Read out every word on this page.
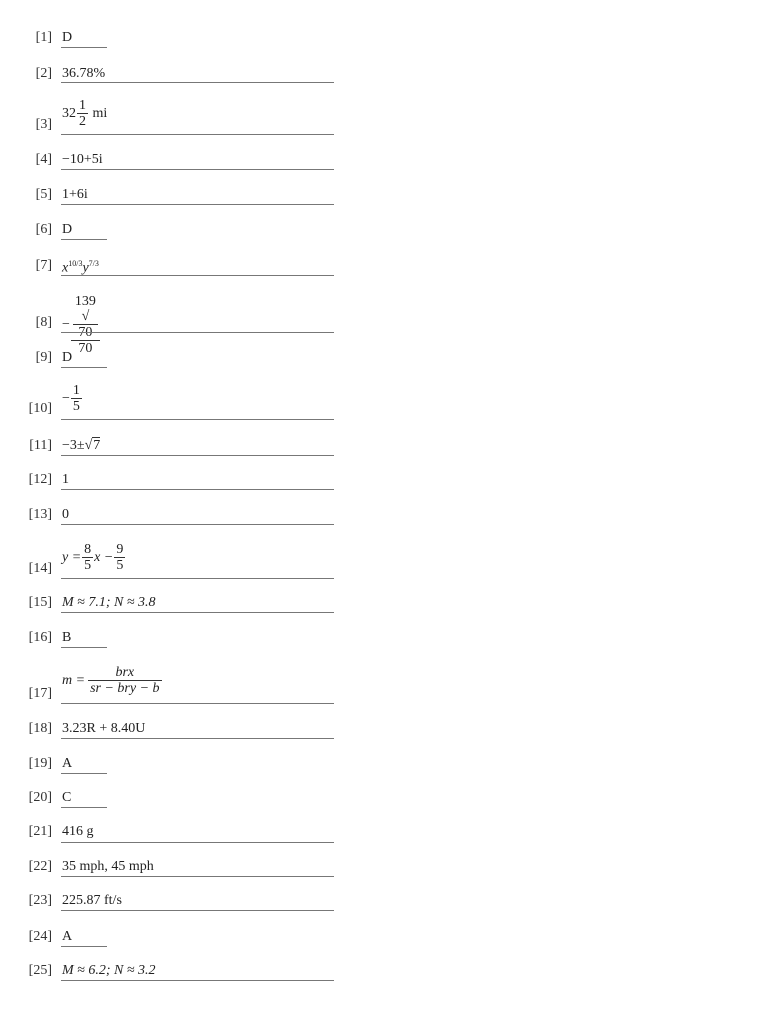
[1] D
[2] 36.78%
[3]
$32 \frac{1}{2}$ mi
[4] −10+5i
[5] 1+6i
[6] D
[7] $x^{10/3}y^{7/3}$
[8] − 139
√
70
70
[9] D
[10]
− $\frac{1}{5}$
[11] −3±√7
[12] 1
[13] 0
[14]
$y = \frac{8}{5}$ $x - \frac{9}{5}$
[15] M ≈ 7.1; N ≈ 3.8
[16] B
[17]
$m = \frac{\text{brx}}{\text{sr − bry − b}}$
[18] 3.23R + 8.40U
[19] A
[20] C
[21] 416 g
[22] 35 mph, 45 mph
[23] 225.87 ft/s
[24] A
[25] M ≈ 6.2; N ≈ 3.2
